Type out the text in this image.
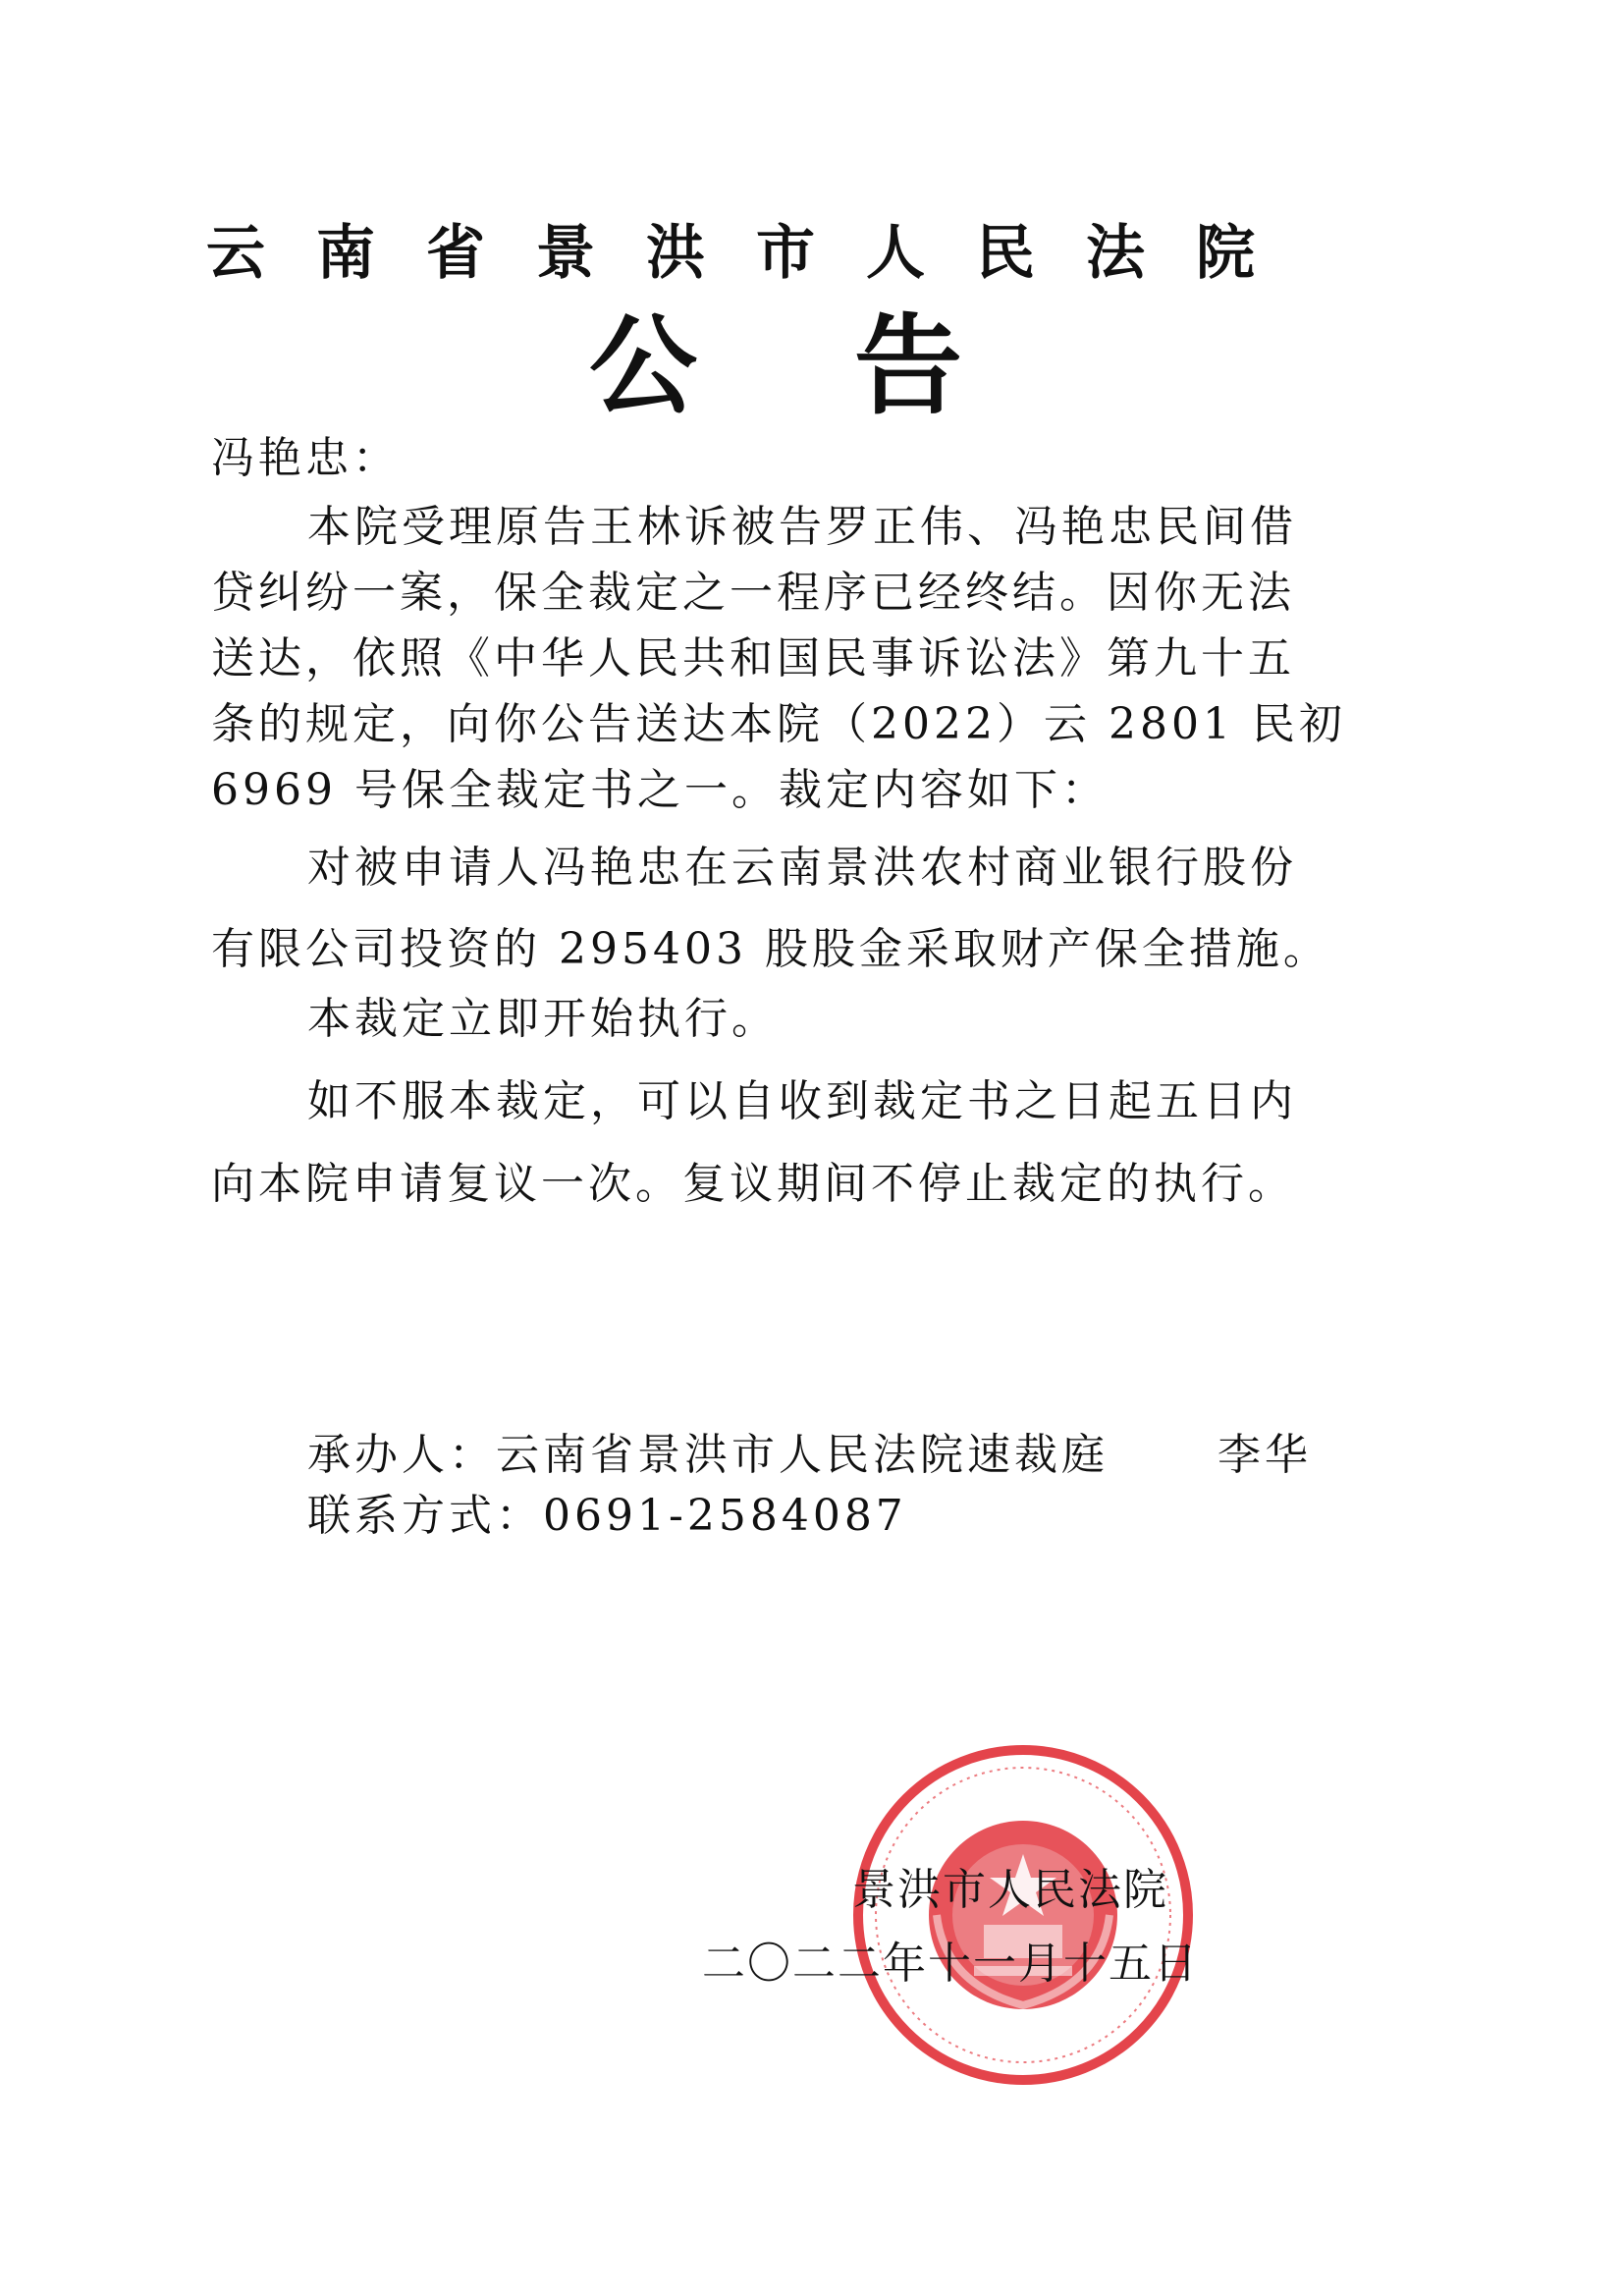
云南省景洪市人民法院
公告
冯艳忠：
本院受理原告王林诉被告罗正伟、冯艳忠民间借
贷纠纷一案，保全裁定之一程序已经终结。因你无法
送达，依照《中华人民共和国民事诉讼法》第九十五
条的规定，向你公告送达本院（2022）云 2801 民初
6969 号保全裁定书之一。裁定内容如下：
对被申请人冯艳忠在云南景洪农村商业银行股份
有限公司投资的 295403 股股金采取财产保全措施。
本裁定立即开始执行。
如不服本裁定，可以自收到裁定书之日起五日内
向本院申请复议一次。复议期间不停止裁定的执行。
承办人：云南省景洪市人民法院速裁庭	李华
联系方式：0691-2584087
景洪市人民法院
二〇二二年十一月十五日
